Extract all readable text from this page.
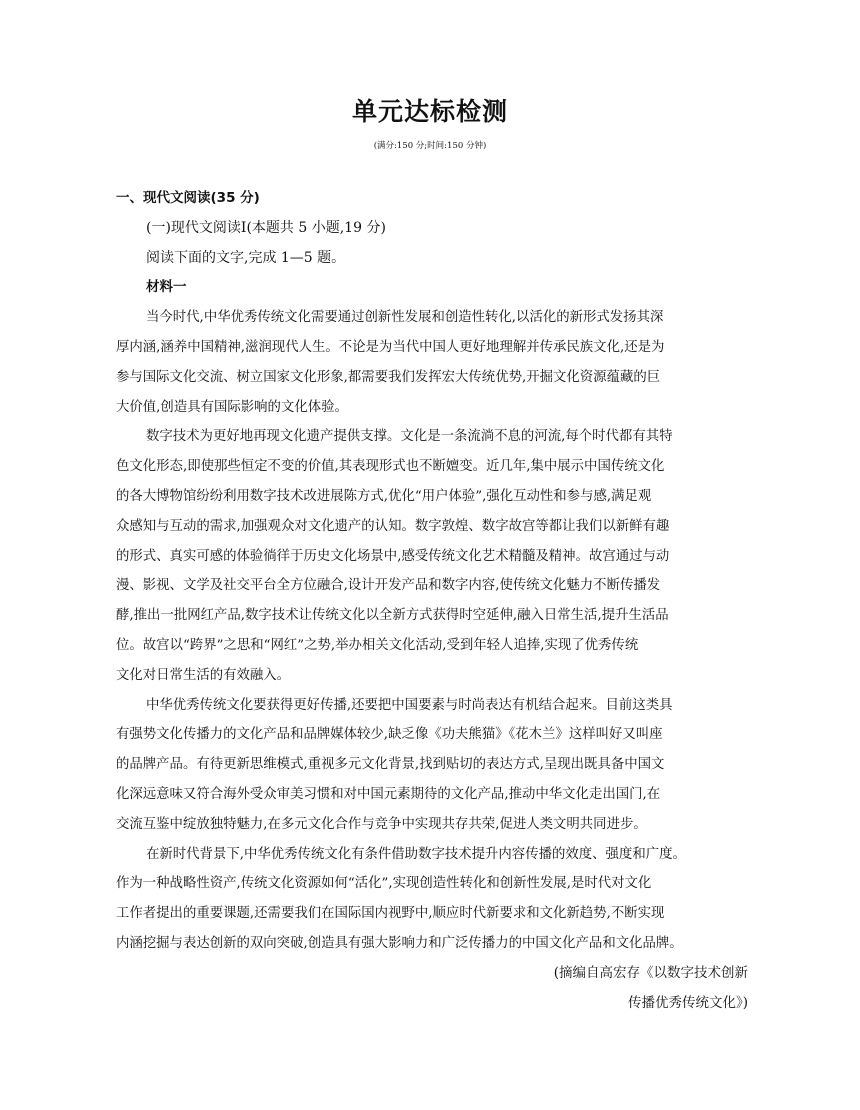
单元达标检测

(满分:150 分;时间:150 分钟)

一、现代文阅读(35 分)

(一)现代文阅读Ⅰ(本题共 5 小题,19 分)

阅读下面的文字,完成 1—5 题。

材料一

当今时代,中华优秀传统文化需要通过创新性发展和创造性转化,以活化的新形式发扬其深
厚内涵,涵养中国精神,滋润现代人生。不论是为当代中国人更好地理解并传承民族文化,还是为
参与国际文化交流、树立国家文化形象,都需要我们发挥宏大传统优势,开掘文化资源蕴藏的巨
大价值,创造具有国际影响的文化体验。

数字技术为更好地再现文化遗产提供支撑。文化是一条流淌不息的河流,每个时代都有其特
色文化形态,即使那些恒定不变的价值,其表现形式也不断嬗变。近几年,集中展示中国传统文化
的各大博物馆纷纷利用数字技术改进展陈方式,优化“用户体验”,强化互动性和参与感,满足观
众感知与互动的需求,加强观众对文化遗产的认知。数字敦煌、数字故宫等都让我们以新鲜有趣
的形式、真实可感的体验徜徉于历史文化场景中,感受传统文化艺术精髓及精神。故宫通过与动
漫、影视、文学及社交平台全方位融合,设计开发产品和数字内容,使传统文化魅力不断传播发
酵,推出一批网红产品,数字技术让传统文化以全新方式获得时空延伸,融入日常生活,提升生活品
位。故宫以“跨界”之思和“网红”之势,举办相关文化活动,受到年轻人追捧,实现了优秀传统
文化对日常生活的有效融入。

中华优秀传统文化要获得更好传播,还要把中国要素与时尚表达有机结合起来。目前这类具
有强势文化传播力的文化产品和品牌媒体较少,缺乏像《功夫熊猫》《花木兰》这样叫好又叫座
的品牌产品。有待更新思维模式,重视多元文化背景,找到贴切的表达方式,呈现出既具备中国文
化深远意味又符合海外受众审美习惯和对中国元素期待的文化产品,推动中华文化走出国门,在
交流互鉴中绽放独特魅力,在多元文化合作与竞争中实现共存共荣,促进人类文明共同进步。

在新时代背景下,中华优秀传统文化有条件借助数字技术提升内容传播的效度、强度和广度。
作为一种战略性资产,传统文化资源如何“活化”,实现创造性转化和创新性发展,是时代对文化
工作者提出的重要课题,还需要我们在国际国内视野中,顺应时代新要求和文化新趋势,不断实现
内涵挖掘与表达创新的双向突破,创造具有强大影响力和广泛传播力的中国文化产品和文化品牌。

(摘编自高宏存《以数字技术创新
传播优秀传统文化》)
